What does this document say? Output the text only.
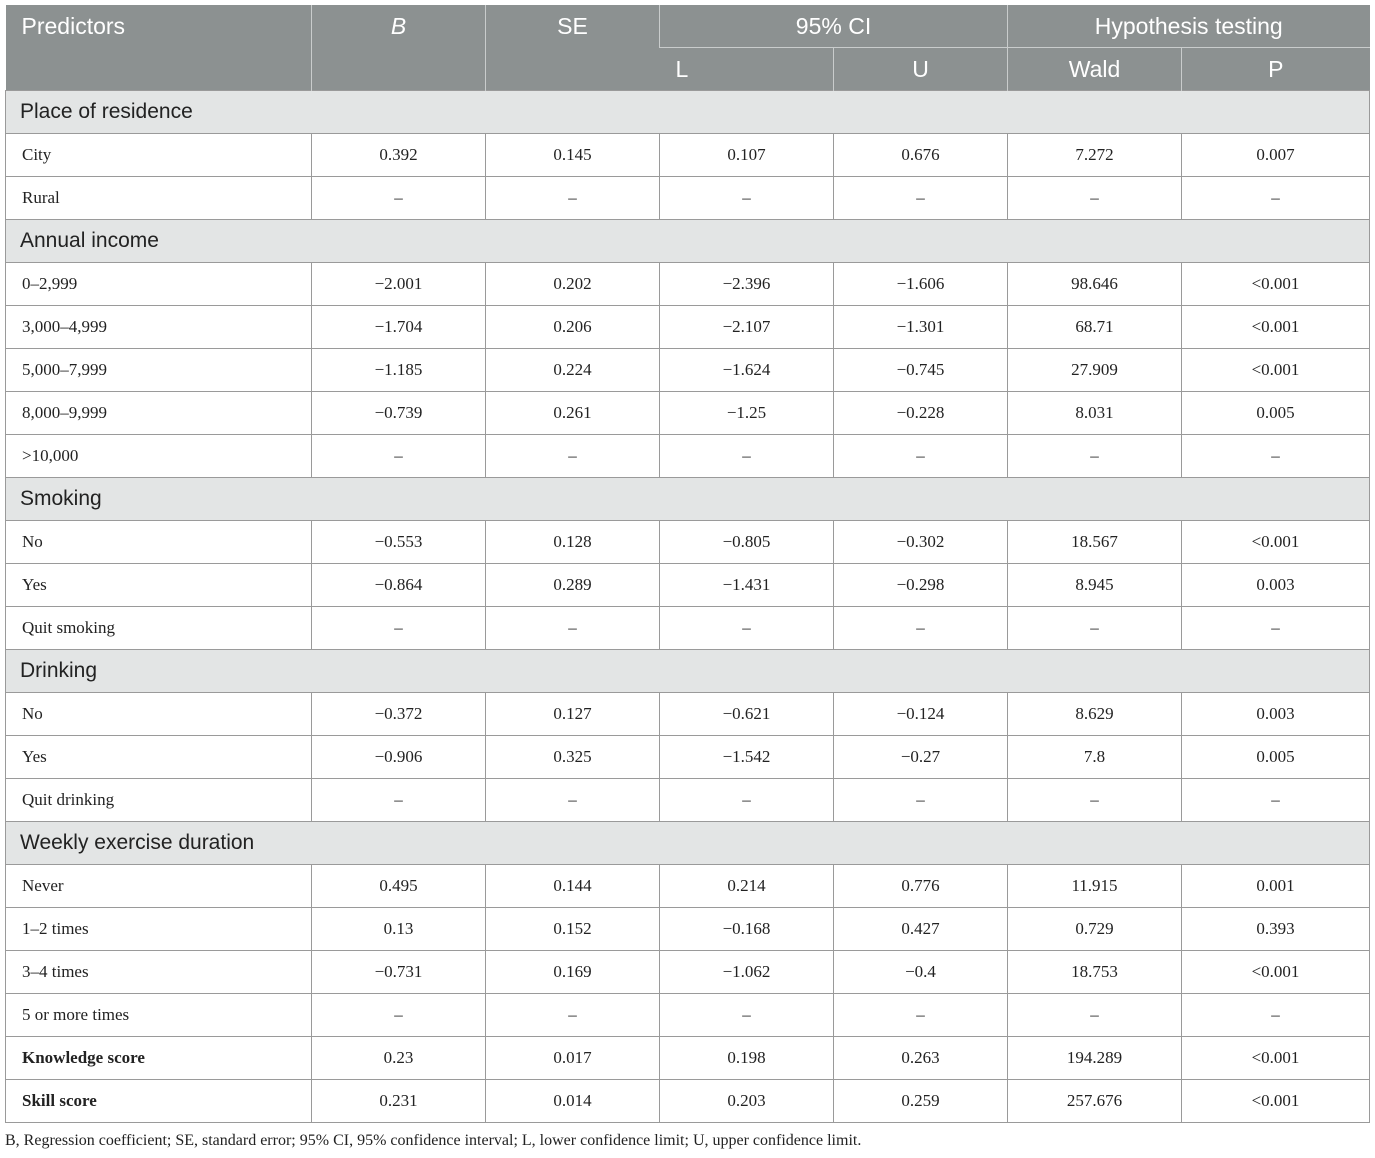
Predictors	B	SE	95% CI		Hypothesis testing	
			L	U	Wald	P
Place of residence						
City	0.392	0.145	0.107	0.676	7.272	0.007
Rural	–	–	–	–	–	–
Annual income						
0–2,999	−2.001	0.202	−2.396	−1.606	98.646	<0.001
3,000–4,999	−1.704	0.206	−2.107	−1.301	68.71	<0.001
5,000–7,999	−1.185	0.224	−1.624	−0.745	27.909	<0.001
8,000–9,999	−0.739	0.261	−1.25	−0.228	8.031	0.005
>10,000	–	–	–	–	–	–
Smoking						
No	−0.553	0.128	−0.805	−0.302	18.567	<0.001
Yes	−0.864	0.289	−1.431	−0.298	8.945	0.003
Quit smoking	–	–	–	–	–	–
Drinking						
No	−0.372	0.127	−0.621	−0.124	8.629	0.003
Yes	−0.906	0.325	−1.542	−0.27	7.8	0.005
Quit drinking	–	–	–	–	–	–
Weekly exercise duration						
Never	0.495	0.144	0.214	0.776	11.915	0.001
1–2 times	0.13	0.152	−0.168	0.427	0.729	0.393
3–4 times	−0.731	0.169	−1.062	−0.4	18.753	<0.001
5 or more times	–	–	–	–	–	–
Knowledge score	0.23	0.017	0.198	0.263	194.289	<0.001
Skill score	0.231	0.014	0.203	0.259	257.676	<0.001
B, Regression coefficient; SE, standard error; 95% CI, 95% confidence interval; L, lower confidence limit; U, upper confidence limit.
